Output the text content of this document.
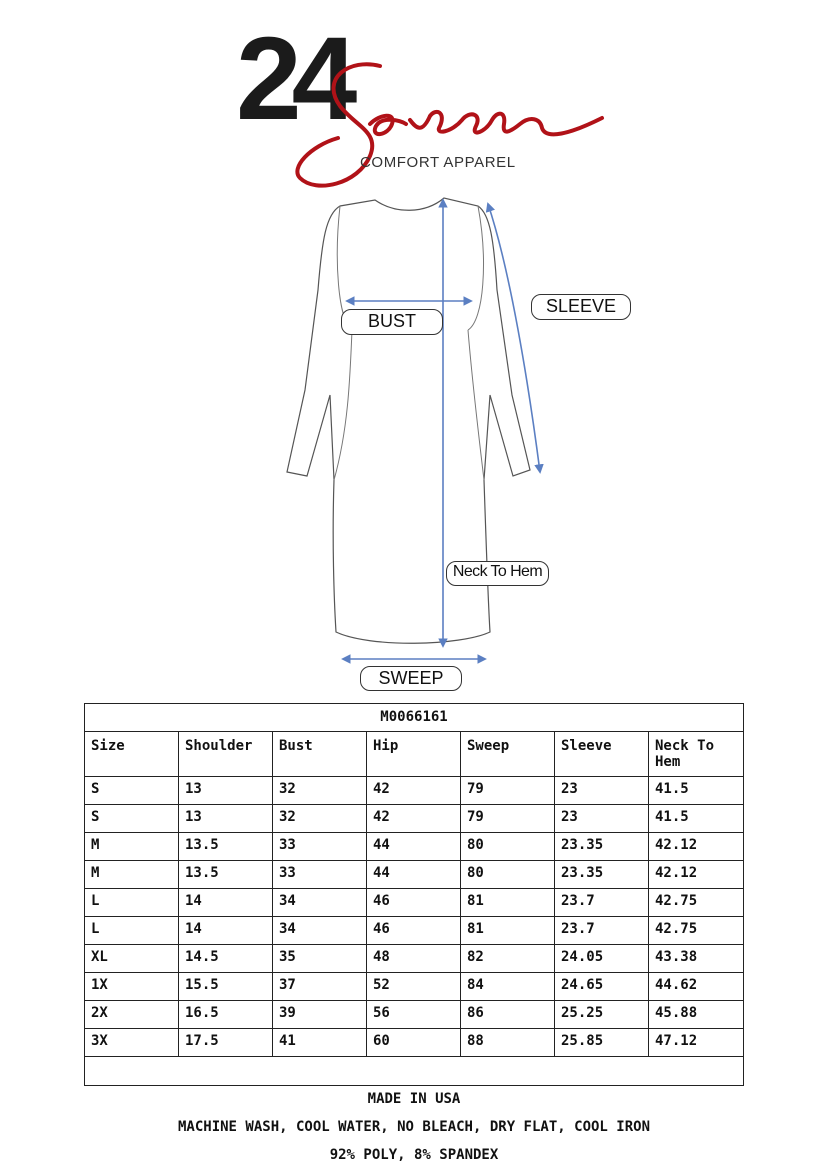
24
COMFORT APPAREL
BUST
SLEEVE
Neck To Hem
SWEEP
M0066161						
Size	Shoulder	Bust	Hip	Sweep	Sleeve	Neck To Hem
S	13	32	42	79	23	41.5
S	13	32	42	79	23	41.5
M	13.5	33	44	80	23.35	42.12
M	13.5	33	44	80	23.35	42.12
L	14	34	46	81	23.7	42.75
L	14	34	46	81	23.7	42.75
XL	14.5	35	48	82	24.05	43.38
1X	15.5	37	52	84	24.65	44.62
2X	16.5	39	56	86	25.25	45.88
3X	17.5	41	60	88	25.85	47.12

MADE IN USA
MACHINE WASH, COOL WATER, NO BLEACH, DRY FLAT, COOL IRON
92% POLY, 8% SPANDEX
